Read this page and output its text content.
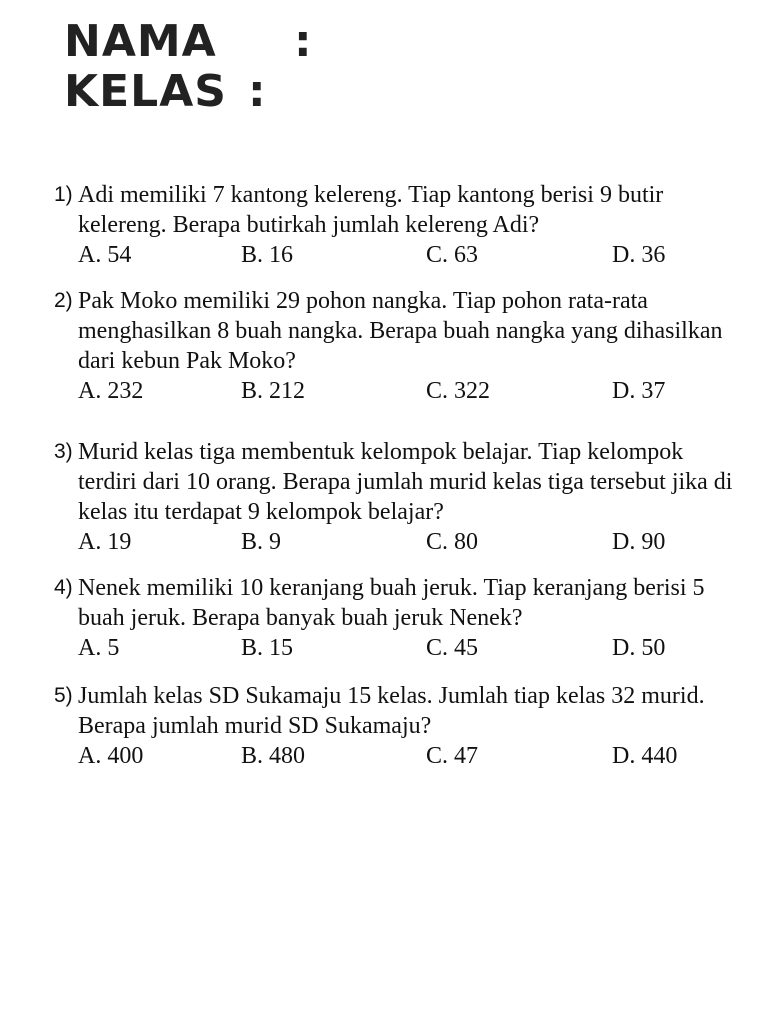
NAMA :
KELAS :
1) Adi memiliki 7 kantong kelereng. Tiap kantong berisi 9 butir kelereng. Berapa butirkah jumlah kelereng Adi?
A. 54	B. 16	C. 63	D. 36
2) Pak Moko memiliki 29 pohon nangka. Tiap pohon rata-rata menghasilkan 8 buah nangka. Berapa buah nangka yang dihasilkan dari kebun Pak Moko?
A. 232	B. 212	C. 322	D. 37
3) Murid kelas tiga membentuk kelompok belajar. Tiap kelompok terdiri dari 10 orang. Berapa jumlah murid kelas tiga tersebut jika di kelas itu terdapat 9 kelompok belajar?
A. 19	B. 9	C. 80	D. 90
4) Nenek memiliki 10 keranjang buah jeruk. Tiap keranjang berisi 5 buah jeruk. Berapa banyak buah jeruk Nenek?
A. 5	B. 15	C. 45	D. 50
5) Jumlah kelas SD Sukamaju 15 kelas. Jumlah tiap kelas 32 murid. Berapa jumlah murid SD Sukamaju?
A. 400	B. 480	C. 47	D. 440
